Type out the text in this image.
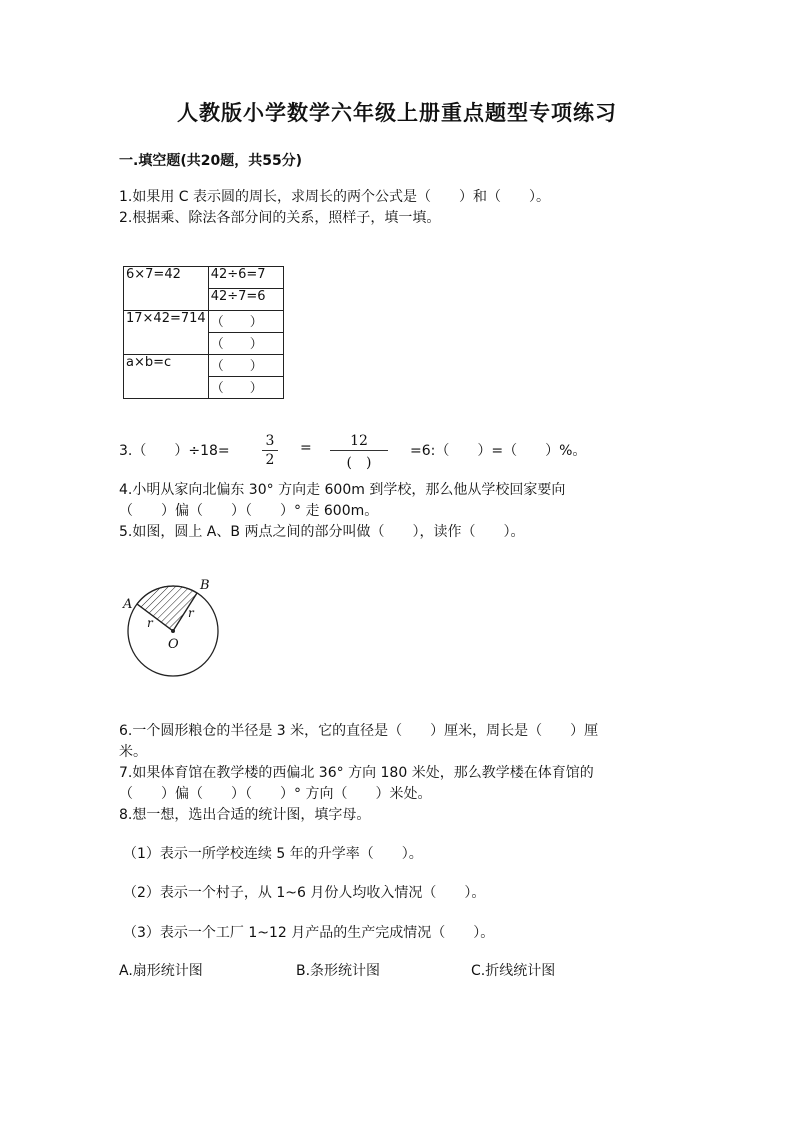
人教版小学数学六年级上册重点题型专项练习
一.填空题(共20题，共55分)
1.如果用 C 表示圆的周长，求周长的两个公式是（　　）和（　　）。
2.根据乘、除法各部分间的关系，照样子，填一填。
6×7=42	42÷6=7
	42÷7=6
17×42=714	（　　）
	（　　）
a×b=c	（　　）
	（　　）
3.（　　）÷18=
3
2
=	12
(　)
=6:（　　）=（　　）%。
4.小明从家向北偏东 30° 方向走 600m 到学校，那么他从学校回家要向
（　　）偏（　　）（　　）° 走 600m。
5.如图，圆上 A、B 两点之间的部分叫做（　　），读作（　　）。
A
B
O
r
r
6.一个圆形粮仓的半径是 3 米，它的直径是（　　）厘米，周长是（　　）厘
米。
7.如果体育馆在教学楼的西偏北 36° 方向 180 米处，那么教学楼在体育馆的
（　　）偏（　　）（　　）° 方向（　　）米处。
8.想一想，选出合适的统计图，填字母。
（1）表示一所学校连续 5 年的升学率（　　）。
（2）表示一个村子，从 1~6 月份人均收入情况（　　）。
（3）表示一个工厂 1~12 月产品的生产完成情况（　　）。
A.扇形统计图	B.条形统计图	C.折线统计图
